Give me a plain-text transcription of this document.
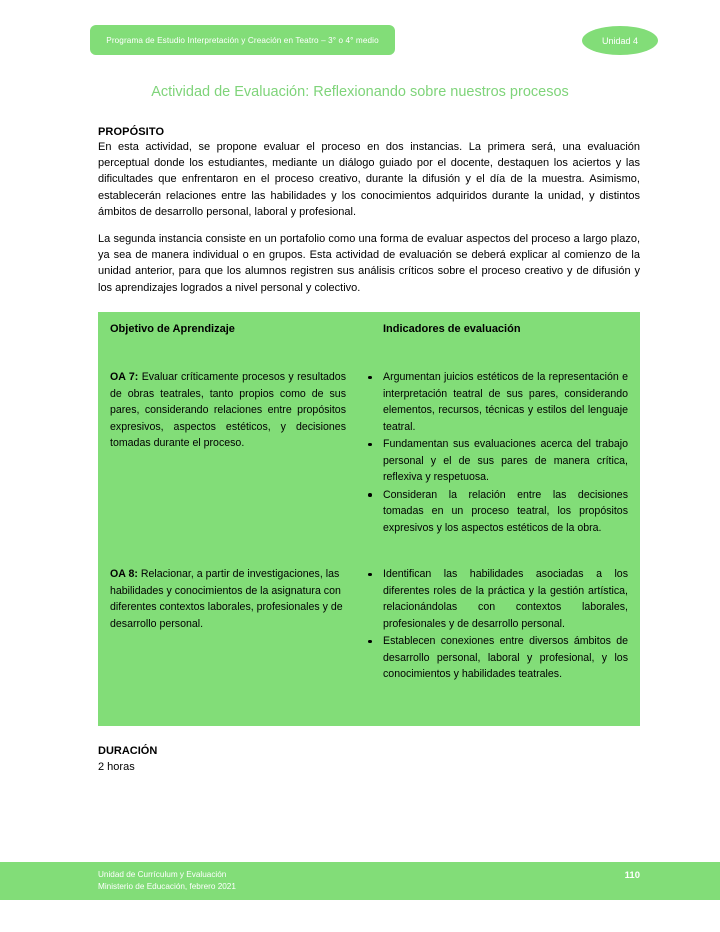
Programa de Estudio Interpretación y Creación en Teatro – 3° o 4° medio	Unidad 4
Actividad de Evaluación: Reflexionando sobre nuestros procesos

PROPÓSITO

En esta actividad, se propone evaluar el proceso en dos instancias. La primera será, una evaluación perceptual donde los estudiantes, mediante un diálogo guiado por el docente, destaquen los aciertos y las dificultades que enfrentaron en el proceso creativo, durante la difusión y el día de la muestra. Asimismo, establecerán relaciones entre las habilidades y los conocimientos adquiridos durante la unidad, y distintos ámbitos de desarrollo personal, laboral y profesional.

La segunda instancia consiste en un portafolio como una forma de evaluar aspectos del proceso a largo plazo, ya sea de manera individual o en grupos. Esta actividad de evaluación se deberá explicar al comienzo de la unidad anterior, para que los alumnos registren sus análisis críticos sobre el proceso creativo y de difusión y los aprendizajes logrados a nivel personal y colectivo.

Objetivo de Aprendizaje	Indicadores de evaluación

OA 7: Evaluar críticamente procesos y resultados de obras teatrales, tanto propios como de sus pares, considerando relaciones entre propósitos expresivos, aspectos estéticos, y decisiones tomadas durante el proceso.

Argumentan juicios estéticos de la representación e interpretación teatral de sus pares, considerando elementos, recursos, técnicas y estilos del lenguaje teatral.
Fundamentan sus evaluaciones acerca del trabajo personal y el de sus pares de manera crítica, reflexiva y respetuosa.
Consideran la relación entre las decisiones tomadas en un proceso teatral, los propósitos expresivos y los aspectos estéticos de la obra.

OA 8: Relacionar, a partir de investigaciones, las habilidades y conocimientos de la asignatura con diferentes contextos laborales, profesionales y de desarrollo personal.

Identifican las habilidades asociadas a los diferentes roles de la práctica y la gestión artística, relacionándolas con contextos laborales, profesionales y de desarrollo personal.
Establecen conexiones entre diversos ámbitos de desarrollo personal, laboral y profesional, y los conocimientos y habilidades teatrales.

DURACIÓN

2 horas

Unidad de Currículum y Evaluación
Ministerio de Educación, febrero 2021
110
